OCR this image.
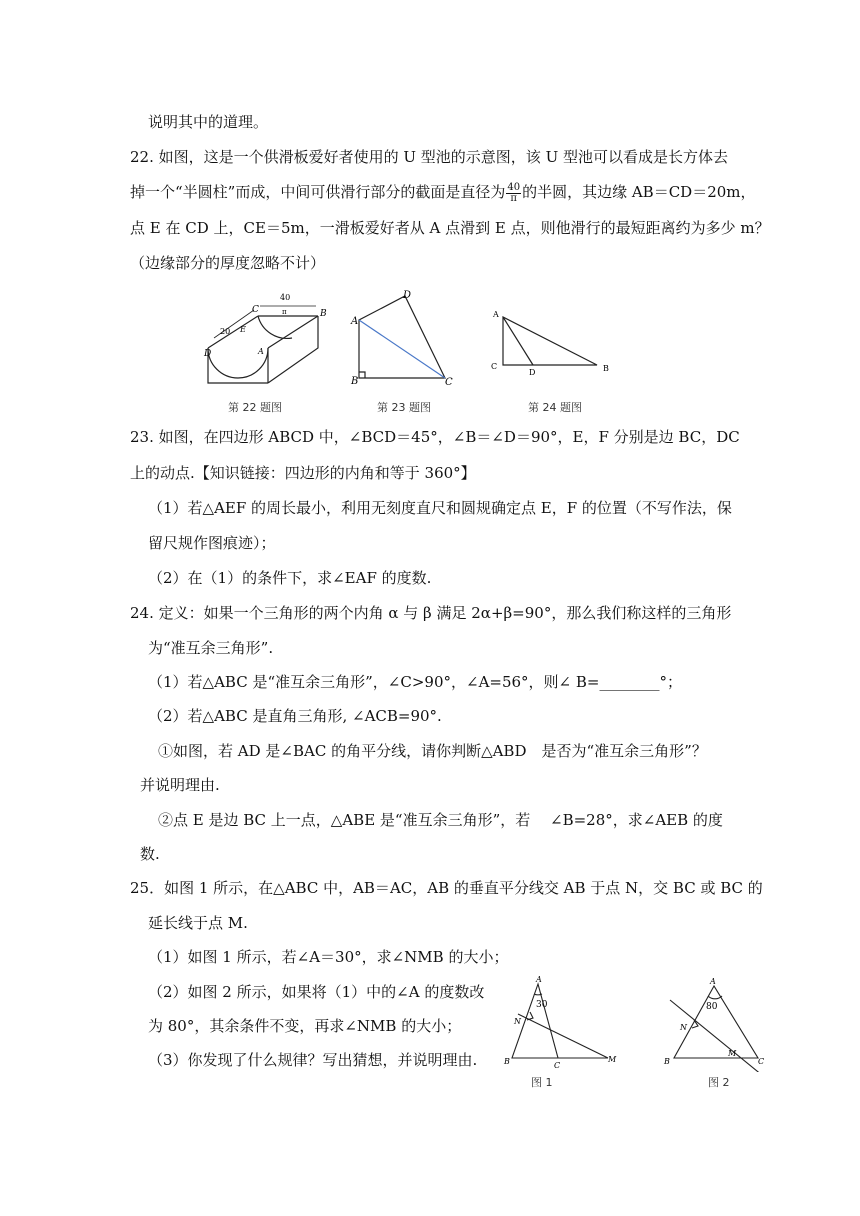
说明其中的道理。
22. 如图，这是一个供滑板爱好者使用的 U 型池的示意图，该 U 型池可以看成是长方体去
掉一个“半圆柱”而成，中间可供滑行部分的截面是直径为 $\frac{40}{\pi}$ 的半圆，其边缘 AB＝CD＝20m，
点 E 在 CD 上，CE＝5m，一滑板爱好者从 A 点滑到 E 点，则他滑行的最短距离约为多少 m？
（边缘部分的厚度忽略不计）
D
C	B
A
E
20
40
π
第 22 题图
A
B	C
D
第 23 题图
A
C
D	B
第 24 题图
23. 如图，在四边形 ABCD 中，∠BCD＝45°，∠B＝∠D＝90°，E，F 分别是边 BC，DC
上的动点.【知识链接：四边形的内角和等于 360°】
（1）若△AEF 的周长最小，利用无刻度直尺和圆规确定点 E，F 的位置（不写作法，保
留尺规作图痕迹）；
（2）在（1）的条件下，求∠EAF 的度数.
24. 定义：如果一个三角形的两个内角 α 与 β 满足 2α+β=90°，那么我们称这样的三角形
为“准互余三角形”.
（1）若△ABC 是“准互余三角形”，∠C>90°，∠A=56°，则∠ B=________°；
（2）若△ABC 是直角三角形, ∠ACB=90°.
①如图，若 AD 是∠BAC 的角平分线，请你判断△ABD　是否为“准互余三角形”？
并说明理由.
②点 E 是边 BC 上一点，△ABE 是“准互余三角形”，若　 ∠B=28°，求∠AEB 的度
数.
25．如图 1 所示，在△ABC 中，AB＝AC，AB 的垂直平分线交 AB 于点 N，交 BC 或 BC 的
延长线于点 M.
（1）如图 1 所示，若∠A＝30°，求∠NMB 的大小；
（2）如图 2 所示，如果将（1）中的∠A 的度数改
为 80°，其余条件不变，再求∠NMB 的大小；
（3）你发现了什么规律？写出猜想，并说明理由.
A
30
N
B	C
M
图 1
A
80
N
B
M
C
图 2
